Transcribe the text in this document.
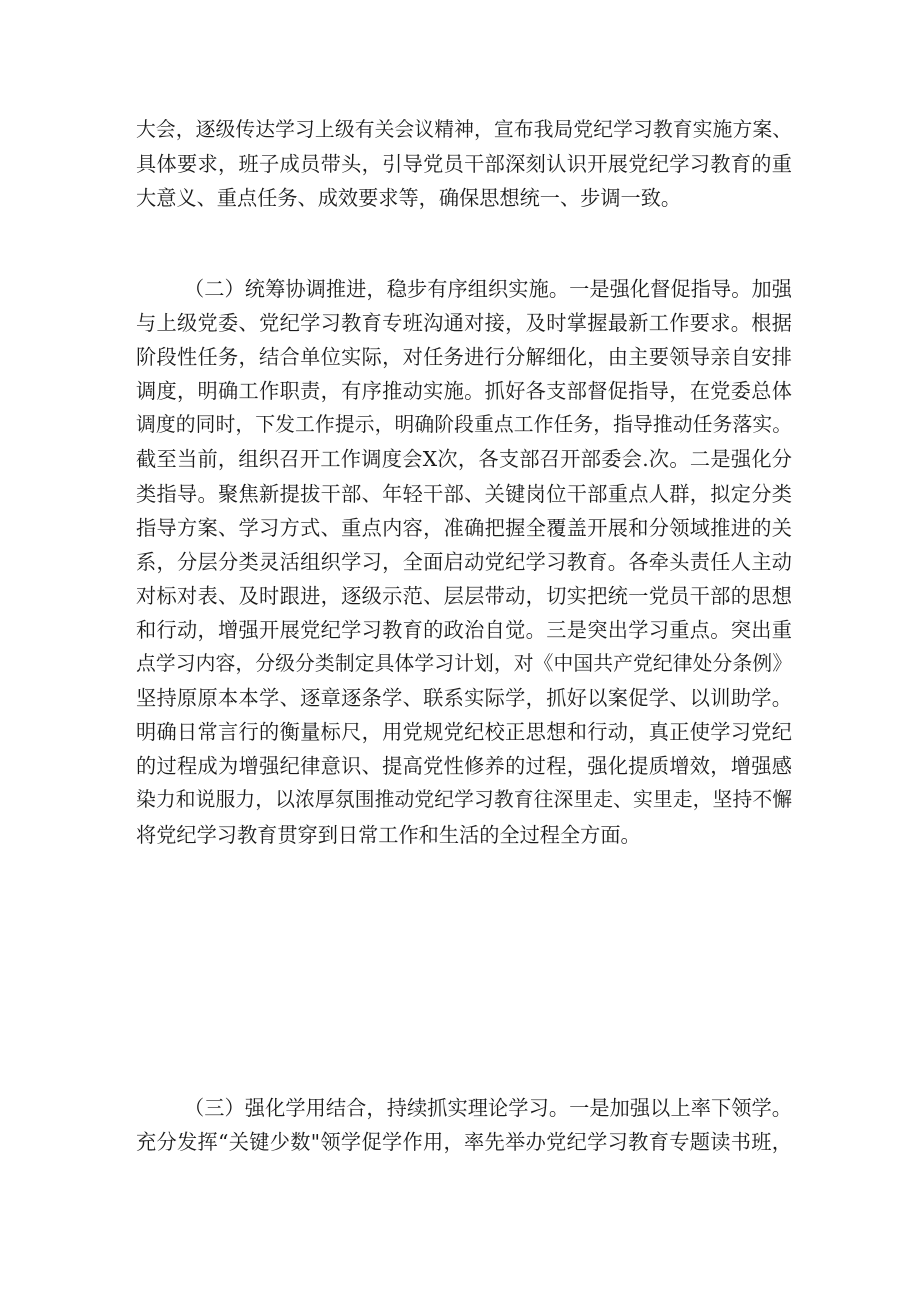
大会，逐级传达学习上级有关会议精神，宣布我局党纪学习教育实施方案、
具体要求，班子成员带头，引导党员干部深刻认识开展党纪学习教育的重
大意义、重点任务、成效要求等，确保思想统一、步调一致。
（二）统筹协调推进，稳步有序组织实施。一是强化督促指导。加强
与上级党委、党纪学习教育专班沟通对接，及时掌握最新工作要求。根据
阶段性任务，结合单位实际，对任务进行分解细化，由主要领导亲自安排
调度，明确工作职责，有序推动实施。抓好各支部督促指导，在党委总体
调度的同时，下发工作提示，明确阶段重点工作任务，指导推动任务落实。
截至当前，组织召开工作调度会X次，各支部召开部委会.次。二是强化分
类指导。聚焦新提拔干部、年轻干部、关键岗位干部重点人群，拟定分类
指导方案、学习方式、重点内容，准确把握全覆盖开展和分领域推进的关
系，分层分类灵活组织学习，全面启动党纪学习教育。各牵头责任人主动
对标对表、及时跟进，逐级示范、层层带动，切实把统一党员干部的思想
和行动，增强开展党纪学习教育的政治自觉。三是突出学习重点。突出重
点学习内容，分级分类制定具体学习计划，对《中国共产党纪律处分条例》
坚持原原本本学、逐章逐条学、联系实际学，抓好以案促学、以训助学。
明确日常言行的衡量标尺，用党规党纪校正思想和行动，真正使学习党纪
的过程成为增强纪律意识、提高党性修养的过程，强化提质增效，增强感
染力和说服力，以浓厚氛围推动党纪学习教育往深里走、实里走，坚持不懈
将党纪学习教育贯穿到日常工作和生活的全过程全方面。
（三）强化学用结合，持续抓实理论学习。一是加强以上率下领学。
充分发挥“关键少数"领学促学作用，率先举办党纪学习教育专题读书班，
